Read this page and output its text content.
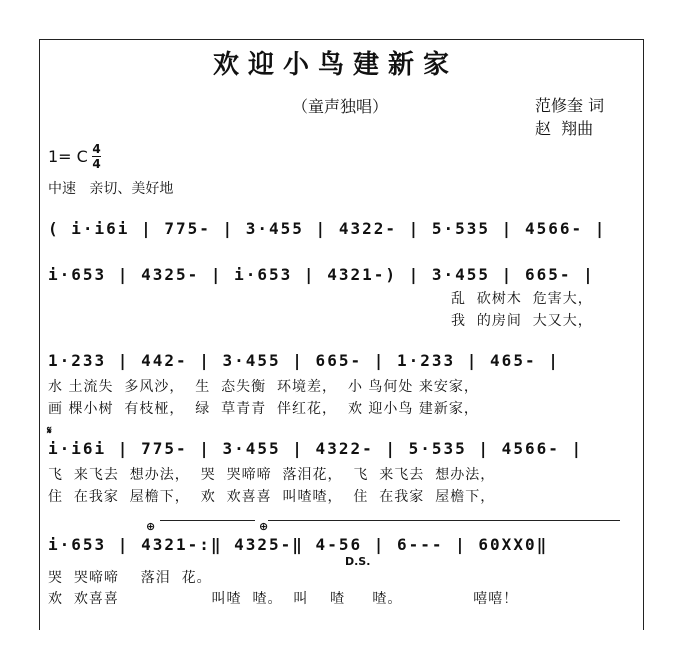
欢迎小鸟建新家
（童声独唱）	范修奎 词
赵  翔曲
1= C 4
4
中速   亲切、美好地
( i·i6i | 775- | 3·455 | 4322- | 5·535 | 4566- |
i·653 | 4325- | i·653 | 4321-) | 3·455 | 665- |
乱  砍树木  危害大，
我  的房间  大又大，
1·233 | 442- | 3·455 | 665- | 1·233 | 465- |
水 土流失  多风沙，  生  态失衡  环境差，  小 鸟何处 来安家，
画 棵小树  有枝桠，  绿  草青青  伴红花，  欢 迎小鸟 建新家，
𝄋
i·i6i | 775- | 3·455 | 4322- | 5·535 | 4566- |
飞  来飞去  想办法，  哭  哭啼啼  落泪花，  飞  来飞去  想办法，
住  在我家  屋檐下，  欢  欢喜喜  叫喳喳，  住  在我家  屋檐下，
⊕	⊕
i·653 | 4321-:‖ 4325-‖ 4-56 | 6--- | 60XX0‖
D.S.
哭  哭啼啼    落泪  花。
欢  欢喜喜                 叫喳  喳。  叫    喳     喳。             嘻嘻！
